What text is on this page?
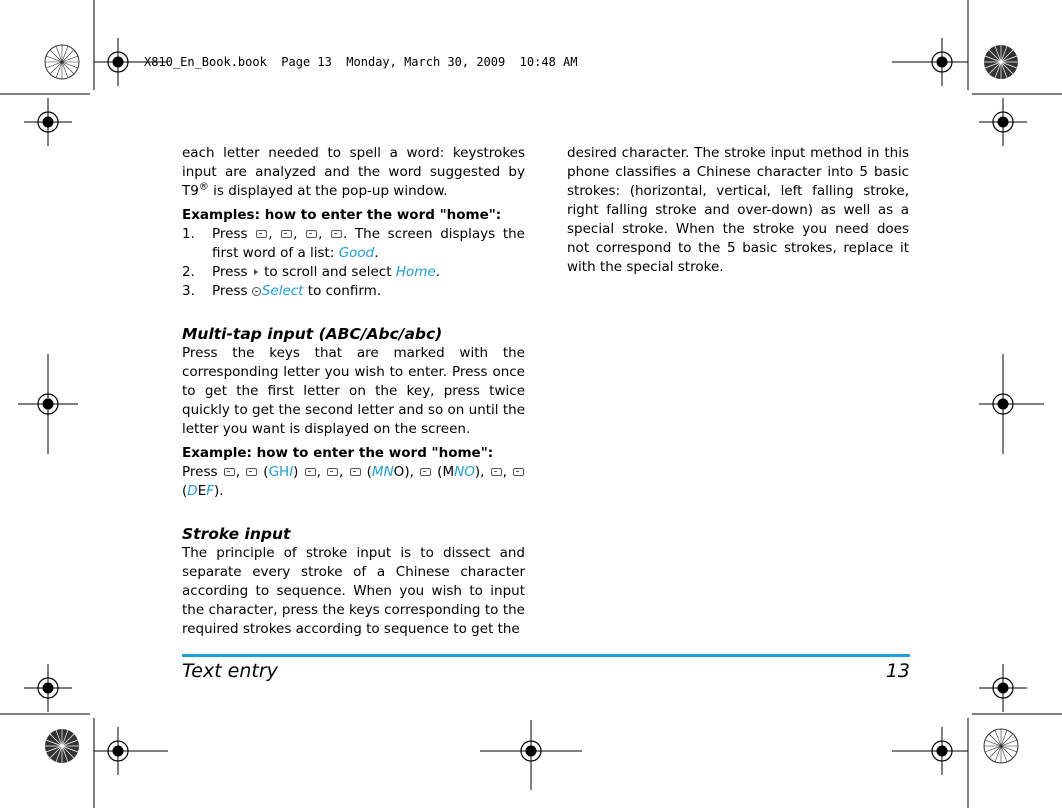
X810_En_Book.book  Page 13  Monday, March 30, 2009  10:48 AM

each letter needed to spell a word: keystrokes input are analyzed and the word suggested by T9® is displayed at the pop-up window.

Examples: how to enter the word "home":

1.	Press , , , . The screen displays the first word of a list: Good.
2.	Press  to scroll and select Home.
3.	Press Select to confirm.

Multi-tap input (ABC/Abc/abc)

Press the keys that are marked with the corresponding letter you wish to enter. Press once to get the first letter on the key, press twice quickly to get the second letter and so on until the letter you want is displayed on the screen.

Example: how to enter the word "home":

Press ,  (GHI) , ,  (MNO),  (MNO), ,  (DEF).

Stroke input

The principle of stroke input is to dissect and separate every stroke of a Chinese character according to sequence. When you wish to input the character, press the keys corresponding to the required strokes according to sequence to get the

desired character. The stroke input method in this phone classifies a Chinese character into 5 basic strokes: (horizontal, vertical, left falling stroke, right falling stroke and over-down) as well as a special stroke. When the stroke you need does not correspond to the 5 basic strokes, replace it with the special stroke.

Text entry	13
